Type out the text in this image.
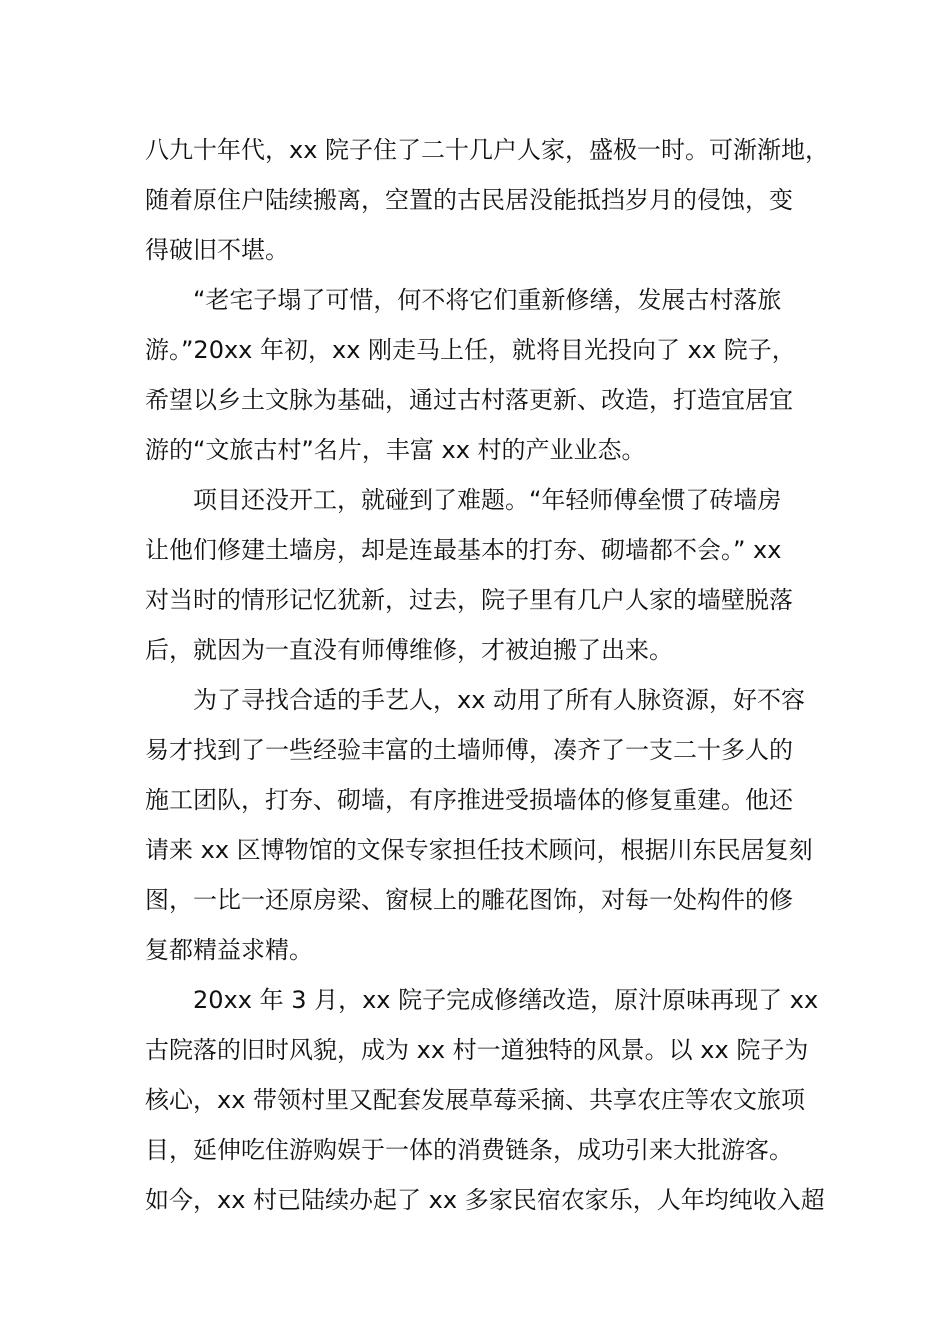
八九十年代，xx 院子住了二十几户人家，盛极一时。可渐渐地，
随着原住户陆续搬离，空置的古民居没能抵挡岁月的侵蚀，变
得破旧不堪。
“老宅子塌了可惜，何不将它们重新修缮，发展古村落旅
游。”20xx 年初，xx 刚走马上任，就将目光投向了 xx 院子，
希望以乡土文脉为基础，通过古村落更新、改造，打造宜居宜
游的“文旅古村”名片，丰富 xx 村的产业业态。
项目还没开工，就碰到了难题。“年轻师傅垒惯了砖墙房
让他们修建土墙房，却是连最基本的打夯、砌墙都不会。” xx
对当时的情形记忆犹新，过去，院子里有几户人家的墙壁脱落
后，就因为一直没有师傅维修，才被迫搬了出来。
为了寻找合适的手艺人，xx 动用了所有人脉资源，好不容
易才找到了一些经验丰富的土墙师傅，凑齐了一支二十多人的
施工团队，打夯、砌墙，有序推进受损墙体的修复重建。他还
请来 xx 区博物馆的文保专家担任技术顾问，根据川东民居复刻
图，一比一还原房梁、窗棂上的雕花图饰，对每一处构件的修
复都精益求精。
20xx 年 3 月，xx 院子完成修缮改造，原汁原味再现了 xx
古院落的旧时风貌，成为 xx 村一道独特的风景。以 xx 院子为
核心，xx 带领村里又配套发展草莓采摘、共享农庄等农文旅项
目，延伸吃住游购娱于一体的消费链条，成功引来大批游客。
如今，xx 村已陆续办起了 xx 多家民宿农家乐，人年均纯收入超
